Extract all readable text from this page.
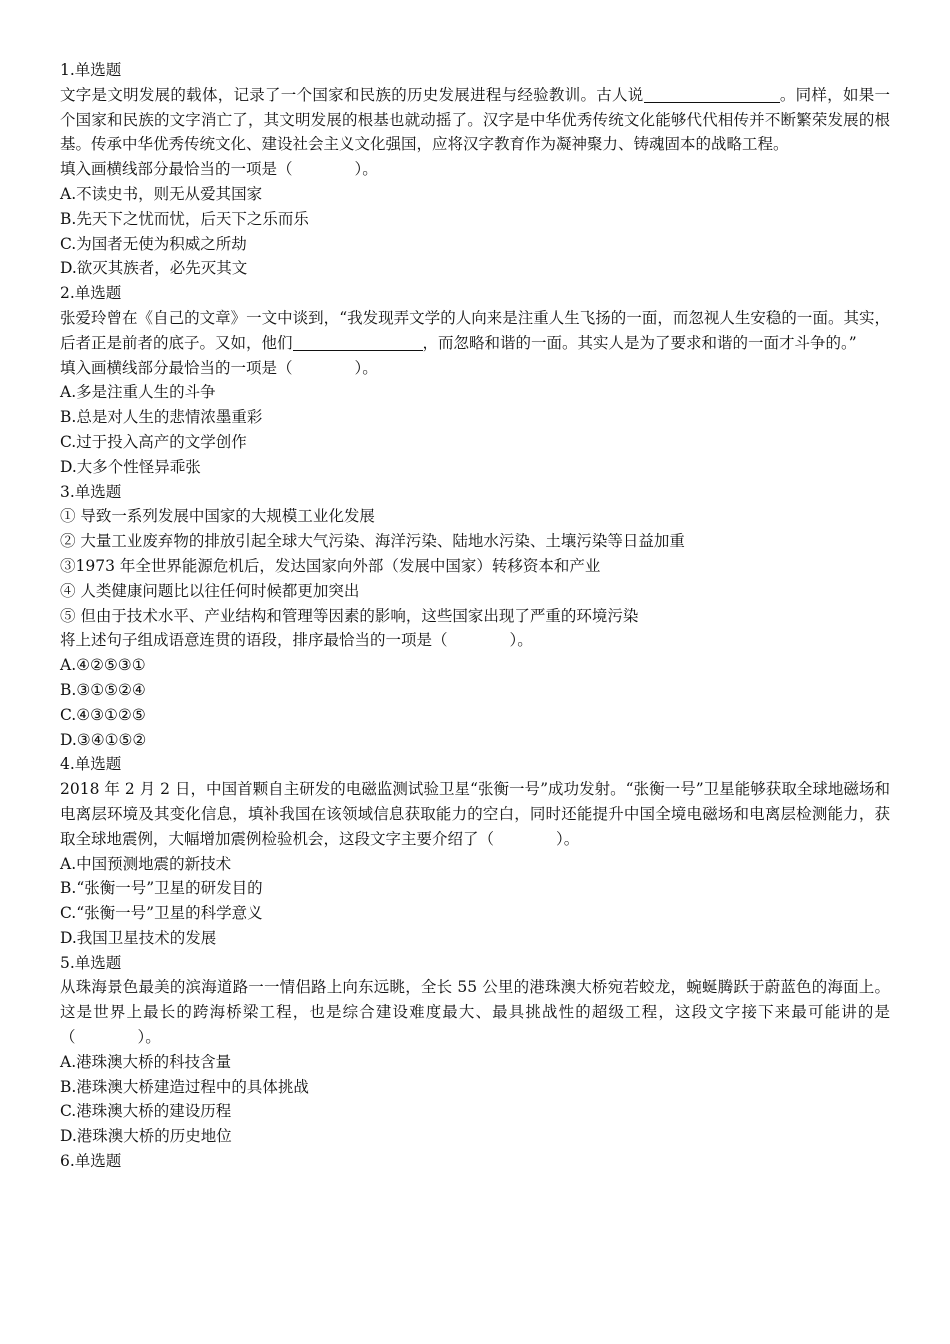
1.单选题
文字是文明发展的载体，记录了一个国家和民族的历史发展进程与经验教训。古人说	。同样，如果一个国家和民族的文字消亡了，其文明发展的根基也就动摇了。汉字是中华优秀传统文化能够代代相传并不断繁荣发展的根基。传承中华优秀传统文化、建设社会主义文化强国，应将汉字教育作为凝神聚力、铸魂固本的战略工程。
填入画横线部分最恰当的一项是（　　　　）。
A.不读史书，则无从爱其国家
B.先天下之忧而忧，后天下之乐而乐
C.为国者无使为积威之所劫
D.欲灭其族者，必先灭其文
2.单选题
张爱玲曾在《自己的文章》一文中谈到，“我发现弄文学的人向来是注重人生飞扬的一面，而忽视人生安稳的一面。其实，后者正是前者的底子。又如，他们	，而忽略和谐的一面。其实人是为了要求和谐的一面才斗争的。”
填入画横线部分最恰当的一项是（　　　　）。
A.多是注重人生的斗争
B.总是对人生的悲情浓墨重彩
C.过于投入高产的文学创作
D.大多个性怪异乖张
3.单选题
① 导致一系列发展中国家的大规模工业化发展
② 大量工业废弃物的排放引起全球大气污染、海洋污染、陆地水污染、土壤污染等日益加重
③1973 年全世界能源危机后，发达国家向外部（发展中国家）转移资本和产业
④ 人类健康问题比以往任何时候都更加突出
⑤ 但由于技术水平、产业结构和管理等因素的影响，这些国家出现了严重的环境污染
将上述句子组成语意连贯的语段，排序最恰当的一项是（　　　　）。
A.④②⑤③①
B.③①⑤②④
C.④③①②⑤
D.③④①⑤②
4.单选题
2018 年 2 月 2 日，中国首颗自主研发的电磁监测试验卫星“张衡一号”成功发射。“张衡一号”卫星能够获取全球地磁场和电离层环境及其变化信息，填补我国在该领域信息获取能力的空白，同时还能提升中国全境电磁场和电离层检测能力，获取全球地震例，大幅增加震例检验机会，这段文字主要介绍了（　　　　）。
A.中国预测地震的新技术
B.“张衡一号”卫星的研发目的
C.“张衡一号”卫星的科学意义
D.我国卫星技术的发展
5.单选题
从珠海景色最美的滨海道路一一情侣路上向东远眺，全长 55 公里的港珠澳大桥宛若蛟龙，蜿蜒腾跃于蔚蓝色的海面上。这是世界上最长的跨海桥梁工程，也是综合建设难度最大、最具挑战性的超级工程，这段文字接下来最可能讲的是（　　　　）。
A.港珠澳大桥的科技含量
B.港珠澳大桥建造过程中的具体挑战
C.港珠澳大桥的建设历程
D.港珠澳大桥的历史地位
6.单选题
